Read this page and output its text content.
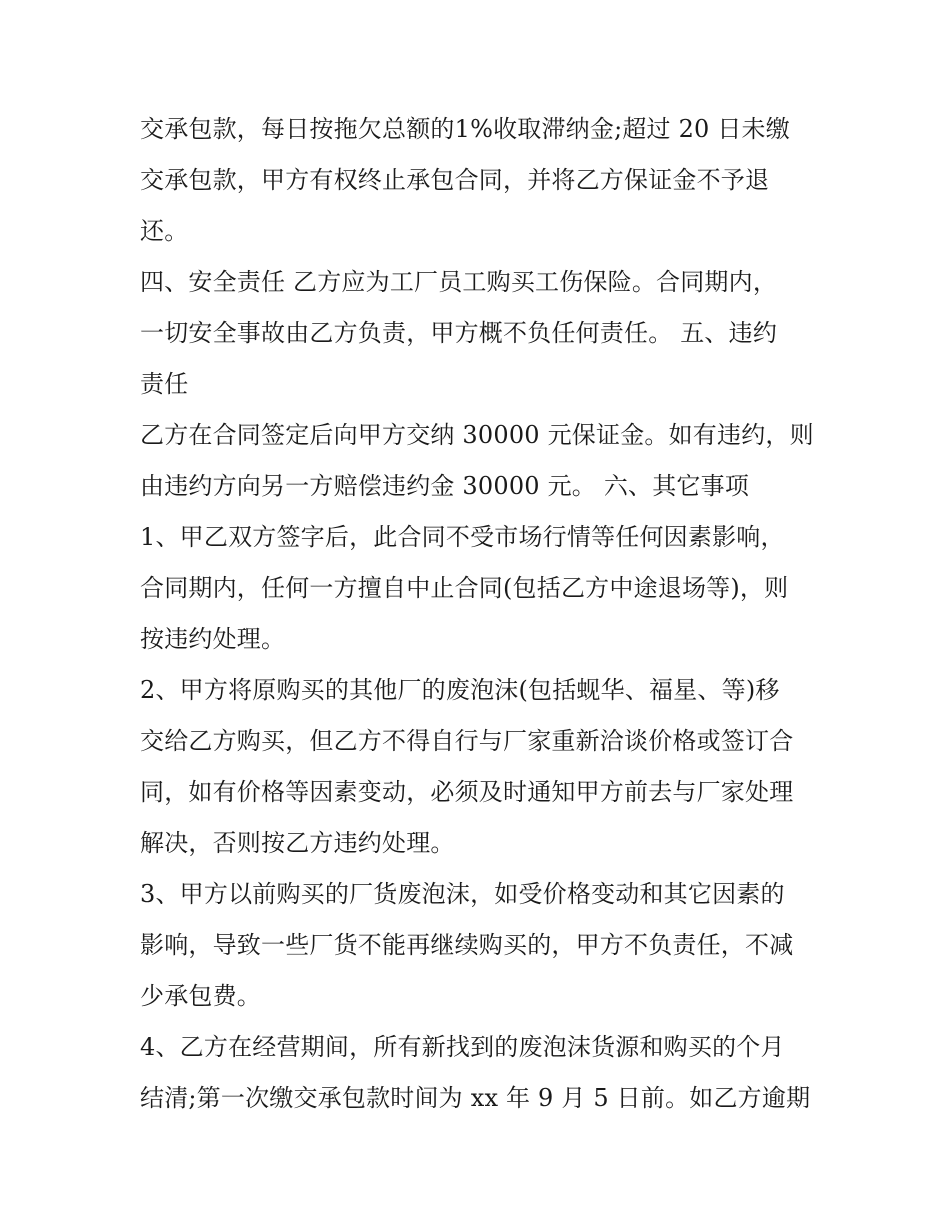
交承包款，每日按拖欠总额的1%收取滞纳金;超过 20 日未缴
交承包款，甲方有权终止承包合同，并将乙方保证金不予退
还。
四、安全责任 乙方应为工厂员工购买工伤保险。合同期内，
一切安全事故由乙方负责，甲方概不负任何责任。 五、违约
责任
乙方在合同签定后向甲方交纳 30000 元保证金。如有违约，则
由违约方向另一方赔偿违约金 30000 元。 六、其它事项
1、甲乙双方签字后，此合同不受市场行情等任何因素影响，
合同期内，任何一方擅自中止合同(包括乙方中途退场等)，则
按违约处理。
2、甲方将原购买的其他厂的废泡沫(包括蚬华、福星、等)移
交给乙方购买，但乙方不得自行与厂家重新洽谈价格或签订合
同，如有价格等因素变动，必须及时通知甲方前去与厂家处理
解决，否则按乙方违约处理。
3、甲方以前购买的厂货废泡沫，如受价格变动和其它因素的
影响，导致一些厂货不能再继续购买的，甲方不负责任，不减
少承包费。
4、乙方在经营期间，所有新找到的废泡沫货源和购买的个月
结清;第一次缴交承包款时间为 xx 年 9 月 5 日前。如乙方逾期
